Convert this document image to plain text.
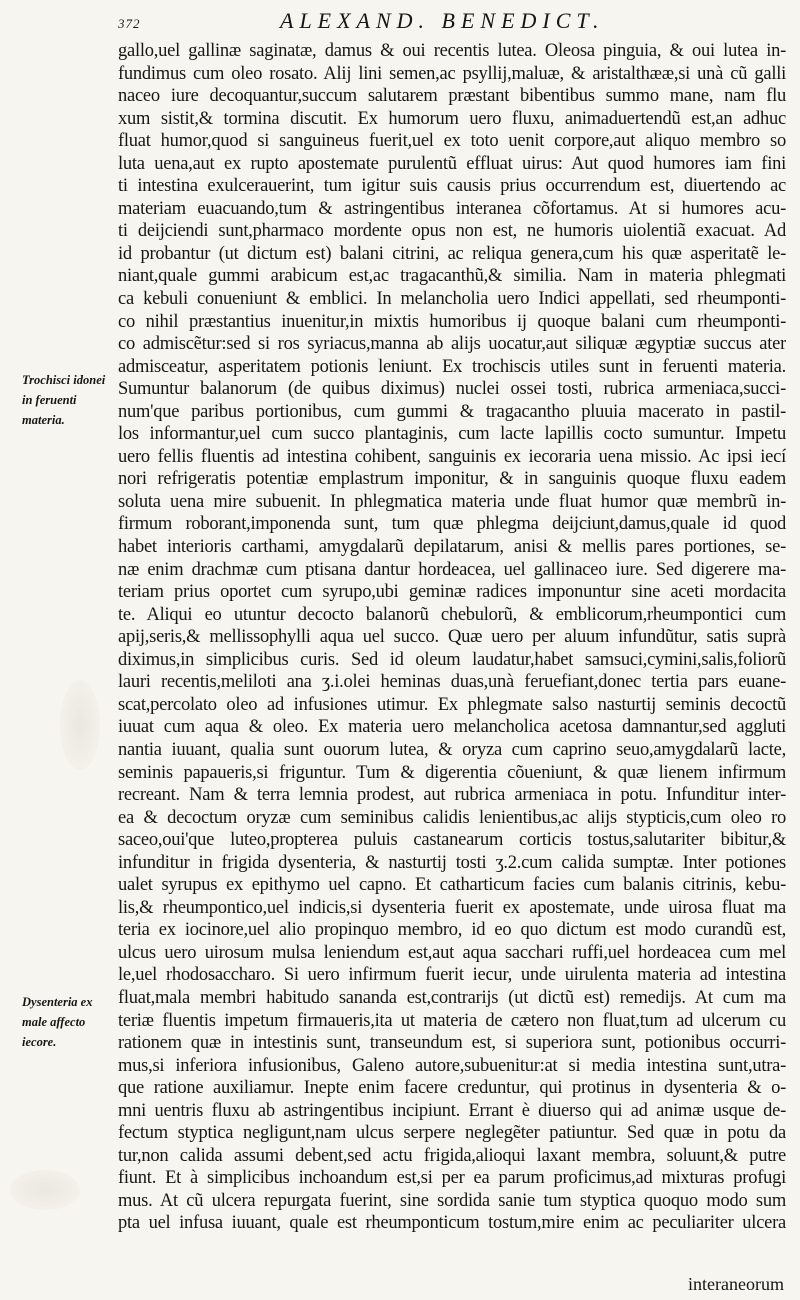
372	ALEXAND. BENEDICT.
Trochisci idonei in feruenti materia.
Dysenteria ex male affecto iecore.
gallo,uel gallinæ saginatæ, damus & oui recentis lutea. Oleosa pinguia, & oui lutea in-
fundimus cum oleo rosato. Alij lini semen,ac psyllij,maluæ, & aristalthææ,si unà cũ galli
naceo iure decoquantur,succum salutarem præstant bibentibus summo mane, nam flu
xum sistit,& tormina discutit. Ex humorum uero fluxu, animaduertendũ est,an adhuc
fluat humor,quod si sanguineus fuerit,uel ex toto uenit corpore,aut aliquo membro so
luta uena,aut ex rupto apostemate purulentũ effluat uirus: Aut quod humores iam fini
ti intestina exulcerauerint, tum igitur suis causis prius occurrendum est, diuertendo ac
materiam euacuando,tum & astringentibus interanea cõfortamus. At si humores acu-
ti deijciendi sunt,pharmaco mordente opus non est, ne humoris uiolentiã exacuat. Ad
id probantur (ut dictum est) balani citrini, ac reliqua genera,cum his quæ asperitatẽ le-
niant,quale gummi arabicum est,ac tragacanthũ,& similia. Nam in materia phlegmati
ca kebuli conueniunt & emblici. In melancholia uero Indici appellati, sed rheumponti-
co nihil præstantius inuenitur,in mixtis humoribus ij quoque balani cum rheumponti-
co admiscẽtur:sed si ros syriacus,manna ab alijs uocatur,aut siliquæ ægyptiæ succus ater
admisceatur, asperitatem potionis leniunt. Ex trochiscis utiles sunt in feruenti materia.
Sumuntur balanorum (de quibus diximus) nuclei ossei tosti, rubrica armeniaca,succi-
num'que paribus portionibus, cum gummi & tragacantho pluuia macerato in pastil-
los informantur,uel cum succo plantaginis, cum lacte lapillis cocto sumuntur. Impetu
uero fellis fluentis ad intestina cohibent, sanguinis ex iecoraria uena missio. Ac ipsi iecí
nori refrigeratis potentiæ emplastrum imponitur, & in sanguinis quoque fluxu eadem
soluta uena mire subuenit. In phlegmatica materia unde fluat humor quæ membrũ in-
firmum roborant,imponenda sunt, tum quæ phlegma deijciunt,damus,quale id quod
habet interioris carthami, amygdalarũ depilatarum, anisi & mellis pares portiones, se-
næ enim drachmæ cum ptisana dantur hordeacea, uel gallinaceo iure. Sed digerere ma-
teriam prius oportet cum syrupo,ubi geminæ radices imponuntur sine aceti mordacita
te. Aliqui eo utuntur decocto balanorũ chebulorũ, & emblicorum,rheumpontici cum
apij,seris,& mellissophylli aqua uel succo. Quæ uero per aluum infundũtur, satis suprà
diximus,in simplicibus curis. Sed id oleum laudatur,habet samsuci,cymini,salis,foliorũ
lauri recentis,meliloti ana ʒ.i.olei heminas duas,unà feruefiant,donec tertia pars euane-
scat,percolato oleo ad infusiones utimur. Ex phlegmate salso nasturtij seminis decoctũ
iuuat cum aqua & oleo. Ex materia uero melancholica acetosa damnantur,sed aggluti
nantia iuuant, qualia sunt ouorum lutea, & oryza cum caprino seuo,amygdalarũ lacte,
seminis papaueris,si friguntur. Tum & digerentia cõueniunt, & quæ lienem infirmum
recreant. Nam & terra lemnia prodest, aut rubrica armeniaca in potu. Infunditur inter-
ea & decoctum oryzæ cum seminibus calidis lenientibus,ac alijs stypticis,cum oleo ro
saceo,oui'que luteo,propterea puluis castanearum corticis tostus,salutariter bibitur,&
infunditur in frigida dysenteria, & nasturtij tosti ʒ.2.cum calida sumptæ. Inter potiones
ualet syrupus ex epithymo uel capno. Et catharticum facies cum balanis citrinis, kebu-
lis,& rheumpontico,uel indicis,si dysenteria fuerit ex apostemate, unde uirosa fluat ma
teria ex iocinore,uel alio propinquo membro, id eo quo dictum est modo curandũ est,
ulcus uero uirosum mulsa leniendum est,aut aqua sacchari ruffi,uel hordeacea cum mel
le,uel rhodosaccharo. Si uero infirmum fuerit iecur, unde uirulenta materia ad intestina
fluat,mala membri habitudo sananda est,contrarijs (ut dictũ est) remedijs. At cum ma
teriæ fluentis impetum firmaueris,ita ut materia de cætero non fluat,tum ad ulcerum cu
rationem quæ in intestinis sunt, transeundum est, si superiora sunt, potionibus occurri-
mus,si inferiora infusionibus, Galeno autore,subuenitur:at si media intestina sunt,utra-
que ratione auxiliamur. Inepte enim facere creduntur, qui protinus in dysenteria & o-
mni uentris fluxu ab astringentibus incipiunt. Errant è diuerso qui ad animæ usque de-
fectum styptica negligunt,nam ulcus serpere neglegẽter patiuntur. Sed quæ in potu da
tur,non calida assumi debent,sed actu frigida,alioqui laxant membra, soluunt,& putre
fiunt. Et à simplicibus inchoandum est,si per ea parum proficimus,ad mixturas profugi
mus. At cũ ulcera repurgata fuerint, sine sordida sanie tum styptica quoquo modo sum
pta uel infusa iuuant, quale est rheumponticum tostum,mire enim ac peculiariter ulcera
interaneorum
